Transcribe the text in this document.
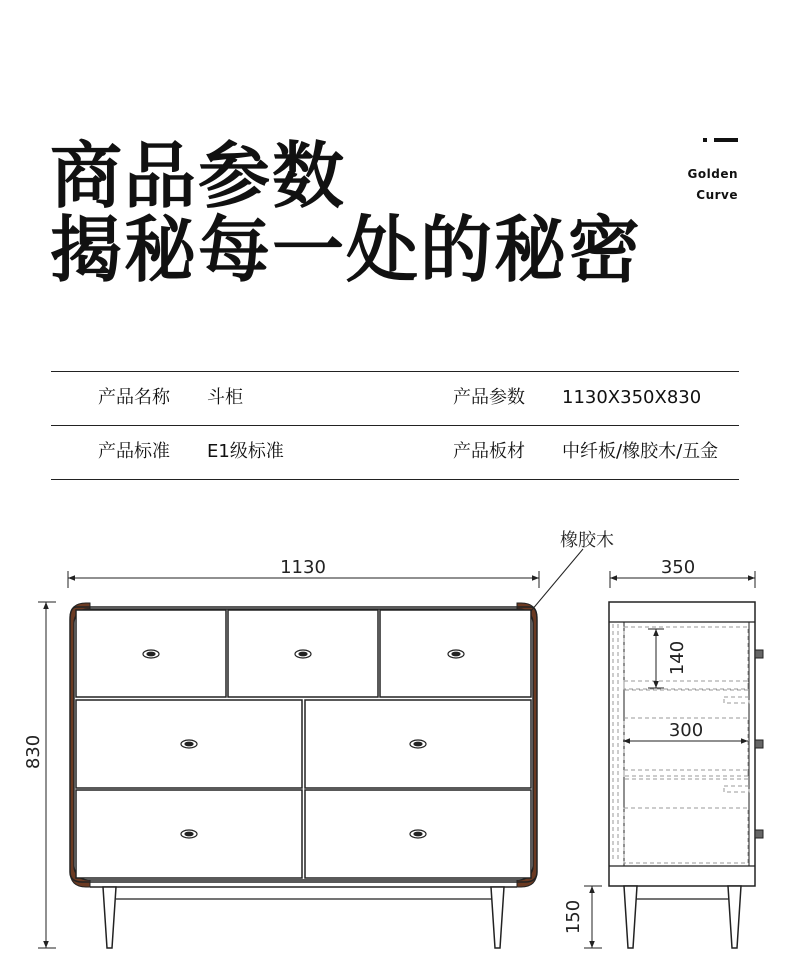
商品参数
揭秘每一处的秘密
Golden
Curve
产品名称 斗柜	产品参数 1130X350X830
产品标准 E1级标准	产品板材 中纤板/橡胶木/五金
橡胶木
1130
830
350
140
300
150
